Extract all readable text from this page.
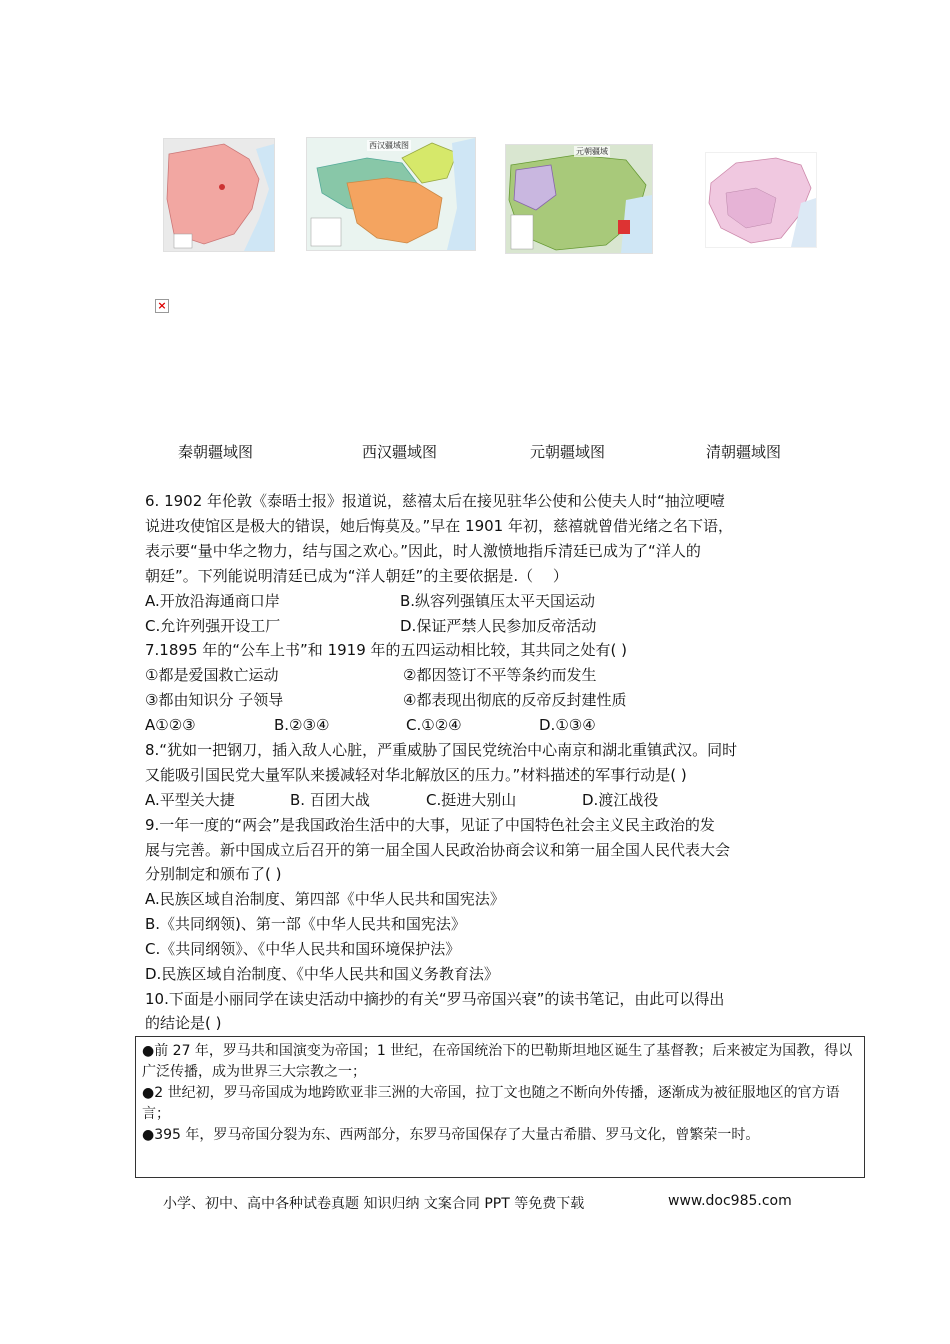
西汉疆域图
元朝疆域
×
秦朝疆域图	西汉疆域图	元朝疆域图	清朝疆域图
6. 1902 年伦敦《泰晤士报》报道说，慈禧太后在接见驻华公使和公使夫人时“抽泣哽噎
说进攻使馆区是极大的错误，她后悔莫及。”早在 1901 年初，慈禧就曾借光绪之名下语，
表示要“量中华之物力，结与国之欢心。”因此，时人激愤地指斥清廷已成为了“洋人的
朝廷”。下列能说明清廷已成为“洋人朝廷”的主要依据是.（　 ）
A.开放沿海通商口岸	B.纵容列强镇压太平天国运动
C.允许列强开设工厂	D.保证严禁人民参加反帝活动
7.1895 年的“公车上书”和 1919 年的五四运动相比较，其共同之处有( )
①都是爱国救亡运动	②都因签订不平等条约而发生
③都由知识分 子领导	④都表现出彻底的反帝反封建性质
A①②③	B.②③④	C.①②④	D.①③④
8.“犹如一把钢刀，插入敌人心脏，严重威胁了国民党统治中心南京和湖北重镇武汉。同时
又能吸引国民党大量军队来援减轻对华北解放区的压力。”材料描述的军事行动是( )
A.平型关大捷	B. 百团大战	C.挺进大别山	D.渡江战役
9.一年一度的“两会”是我国政治生活中的大事，见证了中国特色社会主义民主政治的发
展与完善。新中国成立后召开的第一届全国人民政治协商会议和第一届全国人民代表大会
分别制定和颁布了( )
A.民族区域自治制度、第四部《中华人民共和国宪法》
B.《共同纲领)、第一部《中华人民共和国宪法》
C.《共同纲领》、《中华人民共和国环境保护法》
D.民族区域自治制度、《中华人民共和国义务教育法》
10.下面是小丽同学在读史活动中摘抄的有关“罗马帝国兴衰”的读书笔记，由此可以得出
的结论是( )

●前 27 年，罗马共和国演变为帝国；1 世纪，在帝国统治下的巴勒斯坦地区诞生了基督教；后来被定为国教，得以广泛传播，成为世界三大宗教之一；

●2 世纪初，罗马帝国成为地跨欧亚非三洲的大帝国，拉丁文也随之不断向外传播，逐渐成为被征服地区的官方语言；

●395 年，罗马帝国分裂为东、西两部分，东罗马帝国保存了大量古希腊、罗马文化，曾繁荣一时。

小学、初中、高中各种试卷真题 知识归纳 文案合同 PPT 等免费下载	www.doc985.com
